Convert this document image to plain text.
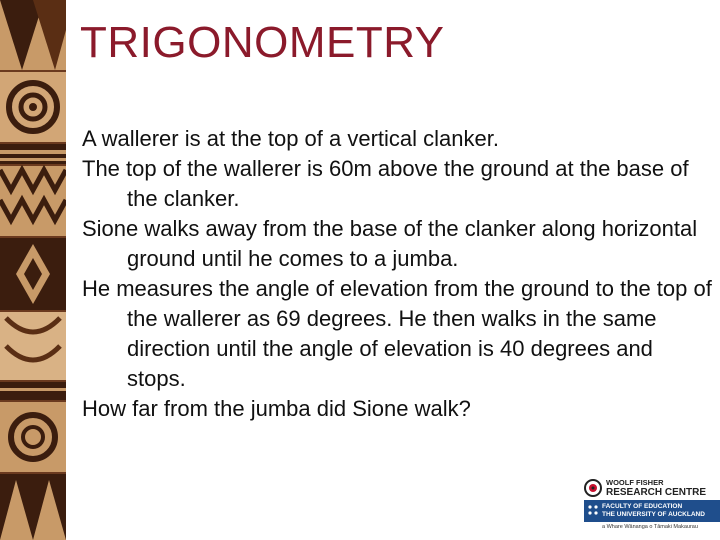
TRIGONOMETRY

A wallerer is at the top of a vertical clanker.

The top of the wallerer is 60m above the ground at the base of the clanker.

Sione walks away from the base of the clanker along horizontal ground until he comes to a jumba.

He measures the angle of elevation from the ground to the top of the wallerer as 69 degrees. He then walks in the same direction until the angle of elevation is 40 degrees and stops.

How far from the jumba did Sione walk?

WOOLF FISHER
RESEARCH CENTRE
FACULTY OF EDUCATION
THE UNIVERSITY OF AUCKLAND
a Whare Wānanga o Tāmaki Makaurau
